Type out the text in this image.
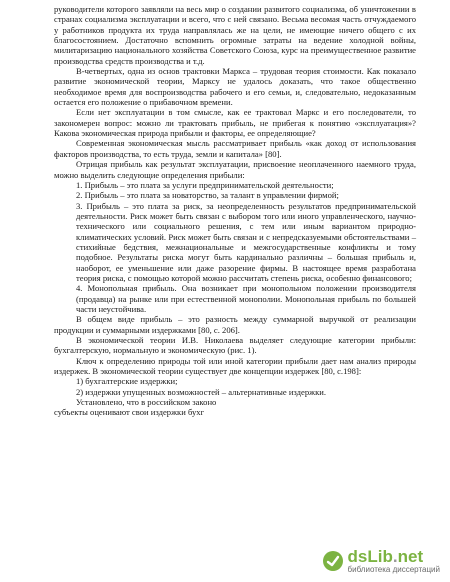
руководители которого заявляли на весь мир о создании развитого социализма, об уничтожении в странах социализма эксплуатации и всего, что с ней связано. Весьма весомая часть отчуждаемого у работников продукта их труда направлялась же на цели, не имеющие ничего общего с их благосостоянием. Достаточно вспомнить огромные затраты на ведение холодной войны, милитаризацию национального хозяйства Советского Союза, курс на преимущественное развитие производства средств производства и т.д.

В-четвертых, одна из основ трактовки Маркса – трудовая теория стоимости. Как показало развитие экономической теории, Марксу не удалось доказать, что такое общественно необходимое время для воспроизводства рабочего и его семьи, и, следовательно, недоказанным остается его положение о прибавочном времени.

Если нет эксплуатации в том смысле, как ее трактовал Маркс и его последователи, то закономерен вопрос: можно ли трактовать прибыль, не прибегая к понятию «эксплуатация»? Какова экономическая природа прибыли и факторы, ее определяющие?

Современная экономическая мысль рассматривает прибыль «как доход от использования факторов производства, то есть труда, земли и капитала» [80].

Отрицая прибыль как результат эксплуатации, присвоение неоплаченного наемного труда, можно выделить следующие определения прибыли:

1. Прибыль – это плата за услуги предпринимательской деятельности;

2. Прибыль – это плата за новаторство, за талант в управлении фирмой;

3. Прибыль – это плата за риск, за неопределенность результатов предпринимательской деятельности. Риск может быть связан с выбором того или иного управленческого, научно-технического или социального решения, с тем или иным вариантом природно-климатических условий. Риск может быть связан и с непредсказуемыми обстоятельствами – стихийные бедствия, межнациональные и межгосударственные конфликты и тому подобное. Результаты риска могут быть кардинально различны – большая прибыль и, наоборот, ее уменьшение или даже разорение фирмы. В настоящее время разработана теория риска, с помощью которой можно рассчитать степень риска, особенно финансового;

4. Монопольная прибыль. Она возникает при монопольном положении производителя (продавца) на рынке или при естественной монополии. Монопольная прибыль по большей части неустойчива.

В общем виде прибыль – это разность между суммарной выручкой от реализации продукции и суммарными издержками [80, с. 206].

В экономической теории И.В. Николаева выделяет следующие категории прибыли: бухгалтерскую, нормальную и экономическую (рис. 1).

Ключ к определению природы той или иной категории прибыли дает нам анализ природы издержек. В экономической теории существует две концепции издержек [80, с.198]:

1) бухгалтерские издержки;

2) издержки упущенных возможностей – альтернативные издержки.

Установлено, что в российском законо

субъекты оценивают свои издержки бухг

dsLib.net
библиотека диссертаций
